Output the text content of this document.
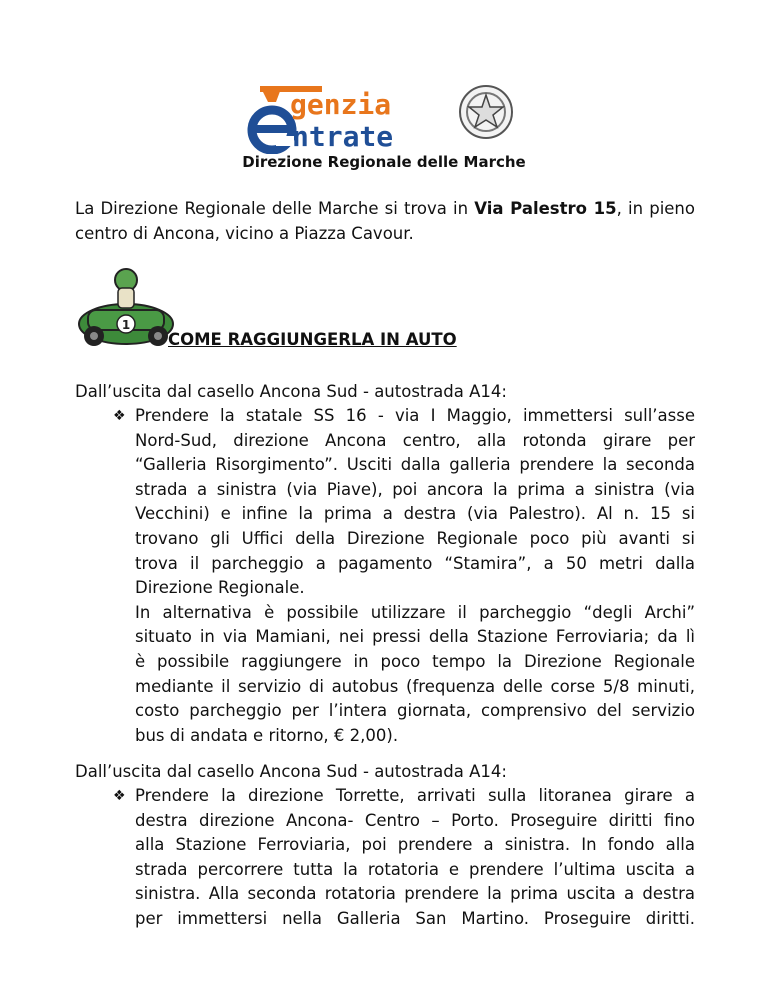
genzia
ntrate
Direzione Regionale delle Marche
La Direzione Regionale delle Marche si trova in Via Palestro 15, in pieno
centro di Ancona, vicino a Piazza Cavour.
1
COME RAGGIUNGERLA IN AUTO
Dall’uscita dal casello Ancona Sud - autostrada A14:
❖ Prendere la statale SS 16 - via I Maggio, immettersi sull’asse
Nord-Sud, direzione Ancona centro, alla rotonda girare per
“Galleria Risorgimento”. Usciti dalla galleria prendere la seconda
strada a sinistra (via Piave), poi ancora la prima a sinistra (via
Vecchini) e infine la prima a destra (via Palestro). Al n. 15 si
trovano gli Uffici della Direzione Regionale poco più avanti si
trova il parcheggio a pagamento “Stamira”, a 50 metri dalla
Direzione Regionale.
In alternativa è possibile utilizzare il parcheggio “degli Archi”
situato in via Mamiani, nei pressi della Stazione Ferroviaria; da lì
è possibile raggiungere in poco tempo la Direzione Regionale
mediante il servizio di autobus (frequenza delle corse 5/8 minuti,
costo parcheggio per l’intera giornata, comprensivo del servizio
bus di andata e ritorno, € 2,00).
Dall’uscita dal casello Ancona Sud - autostrada A14:
❖ Prendere la direzione Torrette, arrivati sulla litoranea girare a
destra direzione Ancona- Centro – Porto. Proseguire diritti fino
alla Stazione Ferroviaria, poi prendere a sinistra. In fondo alla
strada percorrere tutta la rotatoria e prendere l’ultima uscita a
sinistra. Alla seconda rotatoria prendere la prima uscita a destra
per immettersi nella Galleria San Martino. Proseguire diritti.
